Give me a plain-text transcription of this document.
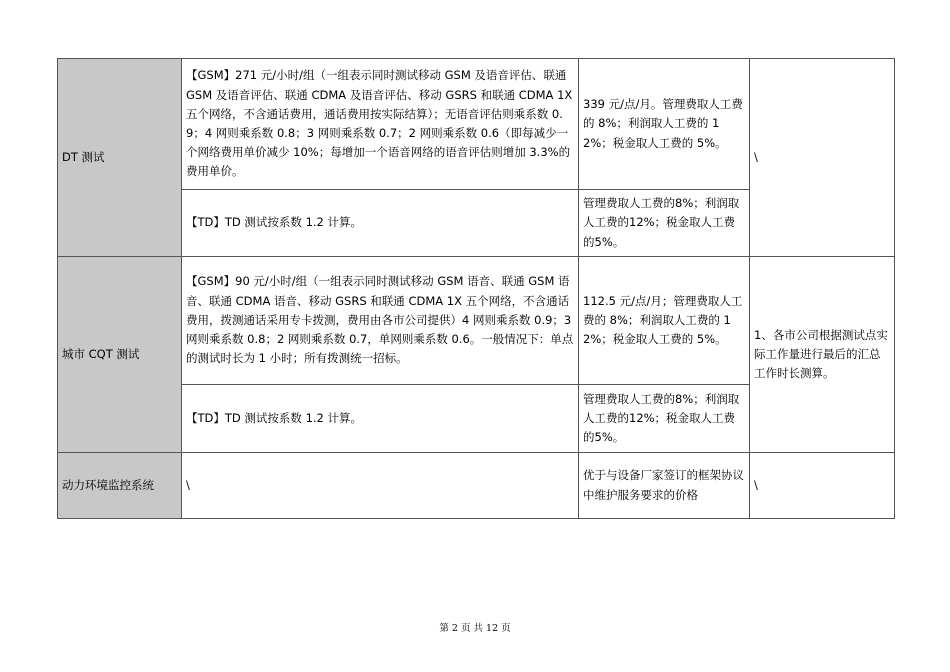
DT 测试	【GSM】271 元/小时/组（一组表示同时测试移动 GSM 及语音评估、联通 GSM 及语音评估、联通 CDMA 及语音评估、移动 GSRS 和联通 CDMA 1X 五个网络，不含通话费用，通话费用按实际结算）；无语音评估则乘系数 0.9；4 网则乘系数 0.8；3 网则乘系数 0.7；2 网则乘系数 0.6（即每减少一个网络费用单价减少 10%；每增加一个语音网络的语音评估则增加 3.3%的费用单价。	339 元/点/月。管理费取人工费的 8%；利润取人工费的 12%；税金取人工费的 5%。	\
	【TD】TD 测试按系数 1.2 计算。	管理费取人工费的8%；利润取人工费的12%；税金取人工费的5%。	
城市 CQT 测试	【GSM】90 元/小时/组（一组表示同时测试移动 GSM 语音、联通 GSM 语音、联通 CDMA 语音、移动 GSRS 和联通 CDMA 1X 五个网络，不含通话费用，拨测通话采用专卡拨测，费用由各市公司提供）4 网则乘系数 0.9；3 网则乘系数 0.8；2 网则乘系数 0.7，单网则乘系数 0.6。一般情况下：单点的测试时长为 1 小时；所有拨测统一招标。	112.5 元/点/月；管理费取人工费的 8%；利润取人工费的 12%；税金取人工费的 5%。	1、各市公司根据测试点实际工作量进行最后的汇总工作时长测算。
	【TD】TD 测试按系数 1.2 计算。	管理费取人工费的8%；利润取人工费的12%；税金取人工费的5%。	
动力环境监控系统	\	优于与设备厂家签订的框架协议中维护服务要求的价格	\
第 2 页 共 12 页
